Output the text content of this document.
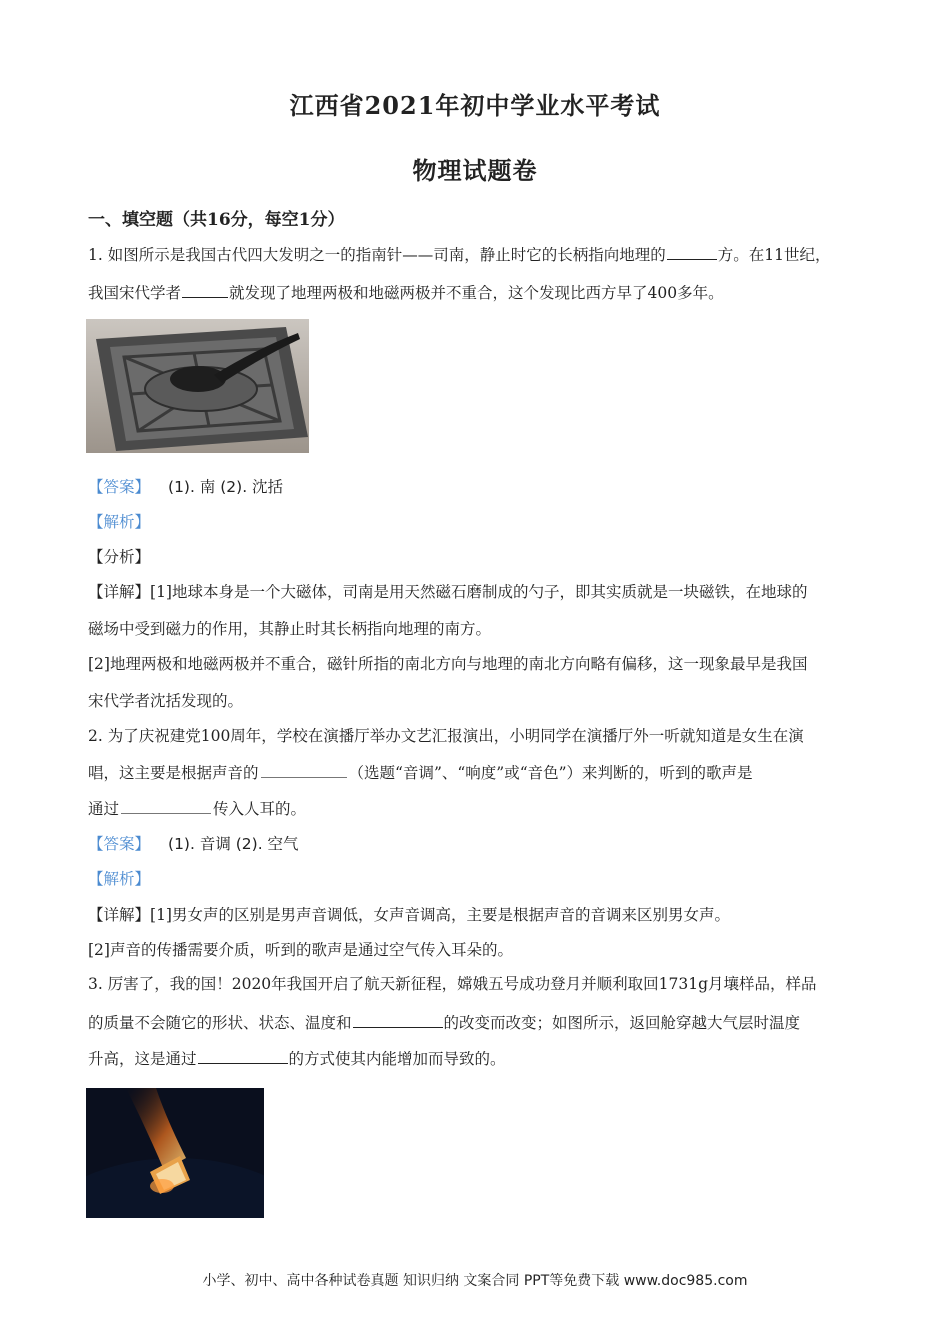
江西省2021年初中学业水平考试
物理试题卷
一、填空题（共16分，每空1分）
1. 如图所示是我国古代四大发明之一的指南针——司南，静止时它的长柄指向地理的	方。在11世纪，
我国宋代学者	就发现了地理两极和地磁两极并不重合，这个发现比西方早了400多年。
【答案】 (1). 南 (2). 沈括
【解析】
【分析】
【详解】[1]地球本身是一个大磁体，司南是用天然磁石磨制成的勺子，即其实质就是一块磁铁，在地球的
磁场中受到磁力的作用，其静止时其长柄指向地理的南方。
[2]地理两极和地磁两极并不重合，磁针所指的南北方向与地理的南北方向略有偏移，这一现象最早是我国
宋代学者沈括发现的。
2. 为了庆祝建党100周年，学校在演播厅举办文艺汇报演出，小明同学在演播厅外一听就知道是女生在演
唱，这主要是根据声音的	（选题“音调”、“响度”或“音色”）来判断的，听到的歌声是
通过	传入人耳的。
【答案】 (1). 音调 (2). 空气
【解析】
【详解】[1]男女声的区别是男声音调低，女声音调高，主要是根据声音的音调来区别男女声。
[2]声音的传播需要介质，听到的歌声是通过空气传入耳朵的。
3. 厉害了，我的国！2020年我国开启了航天新征程，嫦娥五号成功登月并顺利取回1731g月壤样品，样品
的质量不会随它的形状、状态、温度和	的改变而改变；如图所示，返回舱穿越大气层时温度
升高，这是通过	的方式使其内能增加而导致的。
小学、初中、高中各种试卷真题 知识归纳 文案合同 PPT等免费下载 www.doc985.com
